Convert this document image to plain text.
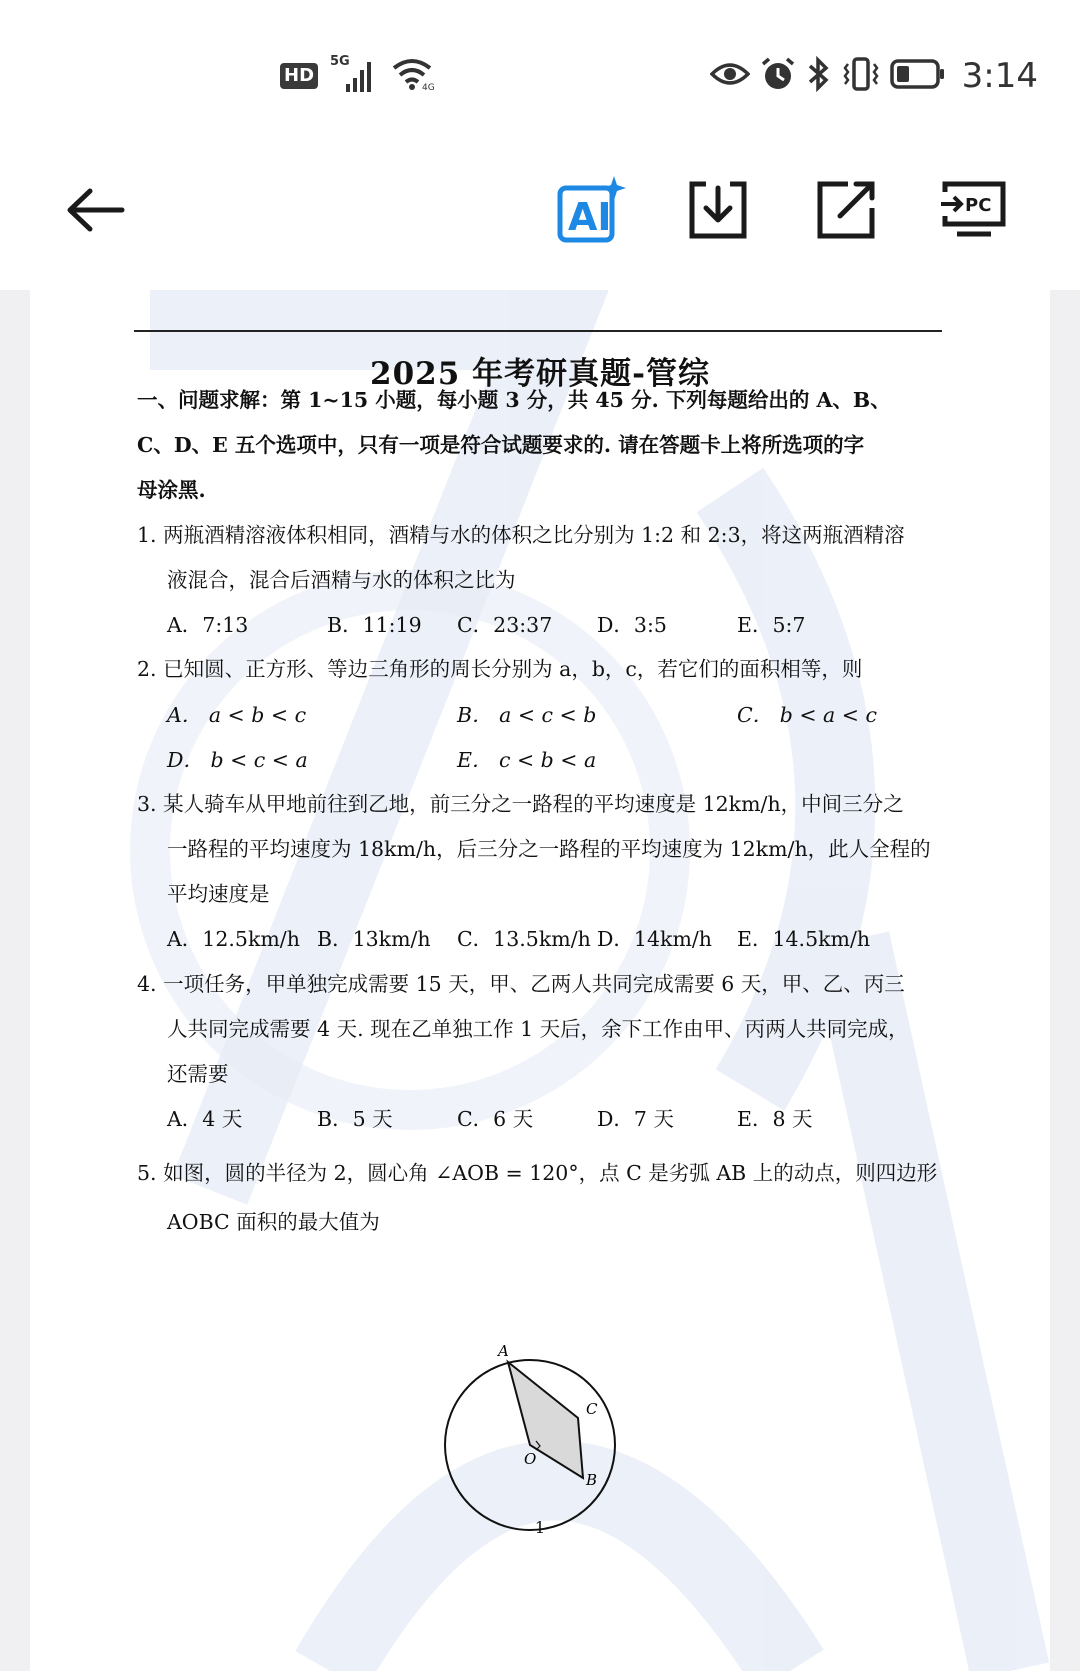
HD
5G
4G	3:14
AI	PC
2025 年考研真题-管综
一、问题求解：第 1~15 小题，每小题 3 分，共 45 分. 下列每题给出的 A、B、
C、D、E 五个选项中，只有一项是符合试题要求的. 请在答题卡上将所选项的字
母涂黑.
1. 两瓶酒精溶液体积相同，酒精与水的体积之比分别为 1:2 和 2:3，将这两瓶酒精溶
液混合，混合后酒精与水的体积之比为
A．7:13	B．11:19 C．23:37 D．3:5	E．5:7
2. 已知圆、正方形、等边三角形的周长分别为 a，b，c，若它们的面积相等，则
A． a < b < c	B． a < c < b	C． b < a < c
D． b < c < a	E． c < b < a
3. 某人骑车从甲地前往到乙地，前三分之一路程的平均速度是 12km/h，中间三分之
一路程的平均速度为 18km/h，后三分之一路程的平均速度为 12km/h，此人全程的
平均速度是
A．12.5km/h B．13km/h C．13.5km/h D．14km/h E．14.5km/h
4. 一项任务，甲单独完成需要 15 天，甲、乙两人共同完成需要 6 天，甲、乙、丙三
人共同完成需要 4 天. 现在乙单独工作 1 天后，余下工作由甲、丙两人共同完成，
还需要
A．4 天	B．5 天	C．6 天	D．7 天	E．8 天
5. 如图，圆的半径为 2，圆心角 ∠AOB = 120°，点 C 是劣弧 AB 上的动点，则四边形
AOBC 面积的最大值为
A
C
B
O
1
